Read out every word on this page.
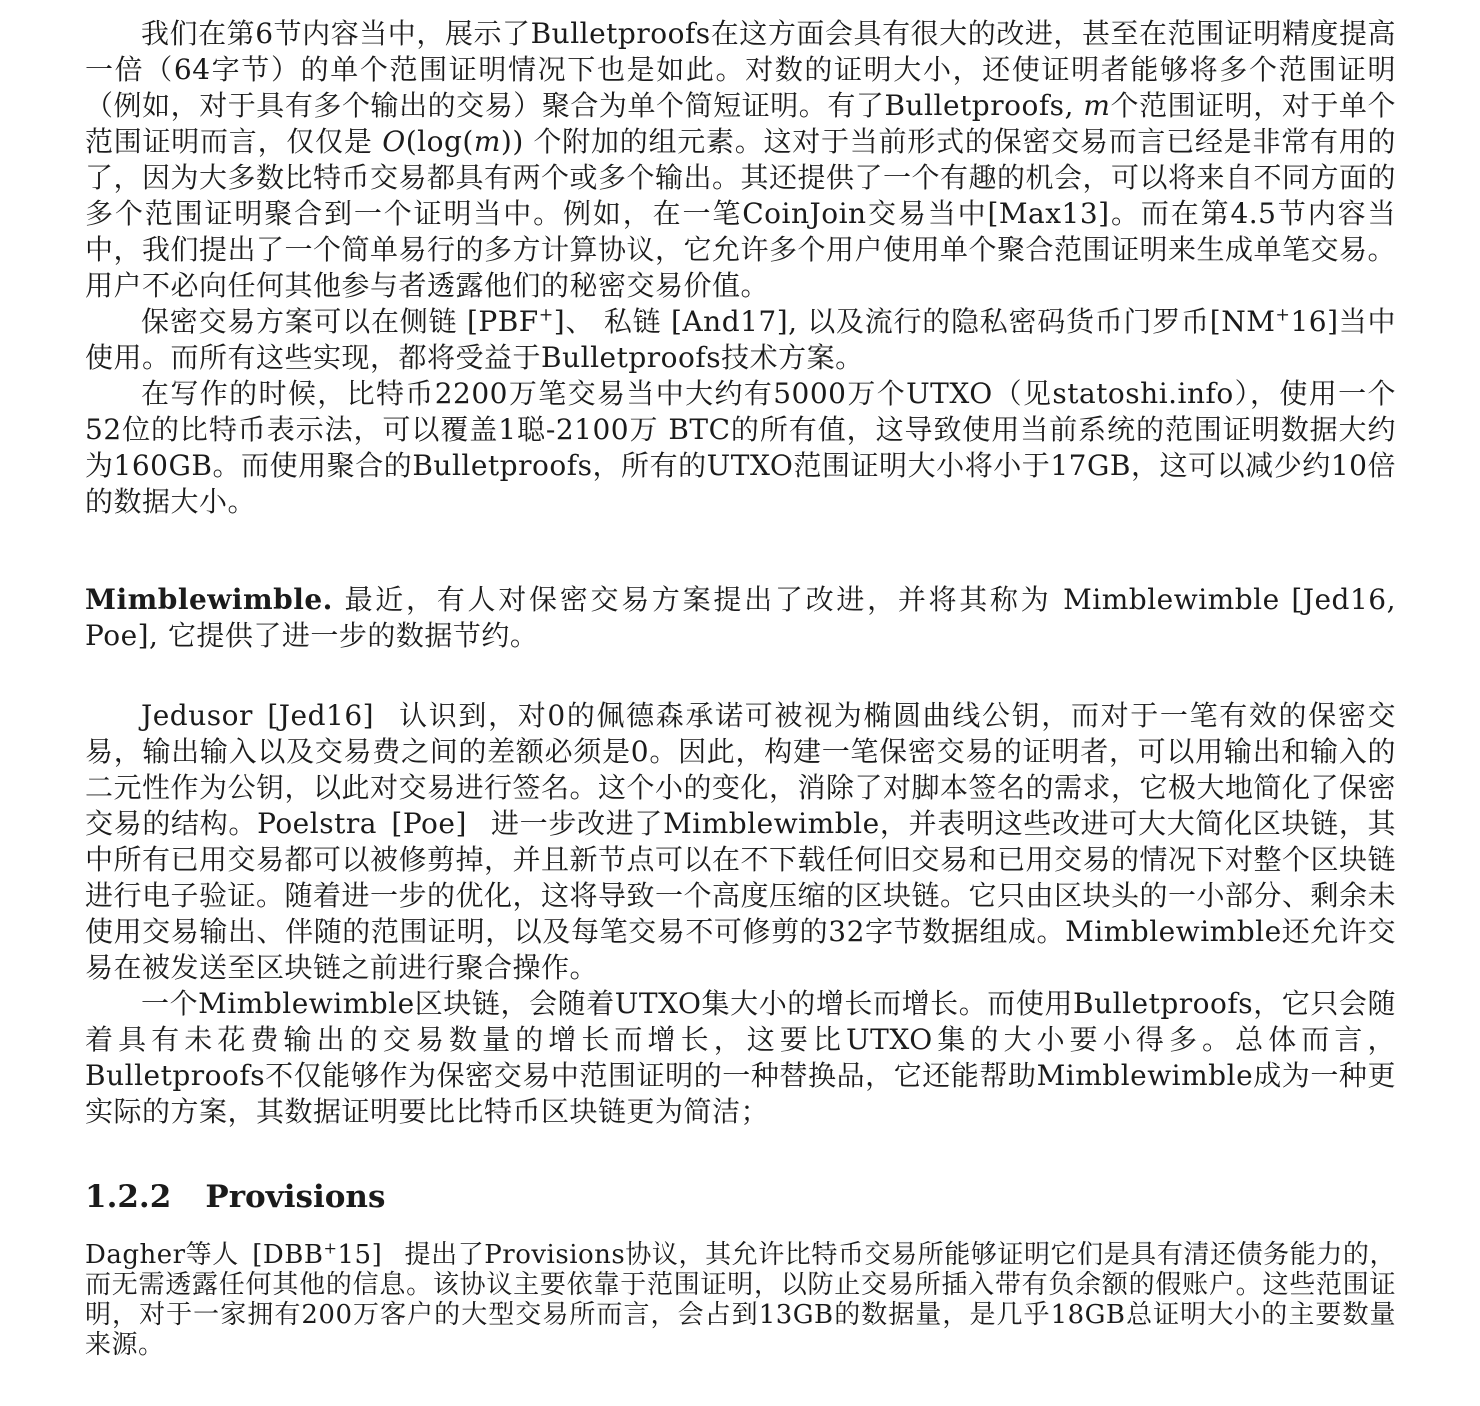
我们在第6节内容当中，展示了Bulletproofs在这方面会具有很大的改进，甚至在范围证明精度提高一倍（64字节）的单个范围证明情况下也是如此。对数的证明大小，还使证明者能够将多个范围证明（例如，对于具有多个输出的交易）聚合为单个简短证明。有了Bulletproofs, m个范围证明，对于单个范围证明而言，仅仅是 O(log(m)) 个附加的组元素。这对于当前形式的保密交易而言已经是非常有用的了，因为大多数比特币交易都具有两个或多个输出。其还提供了一个有趣的机会，可以将来自不同方面的多个范围证明聚合到一个证明当中。例如，在一笔CoinJoin交易当中[Max13]。而在第4.5节内容当中，我们提出了一个简单易行的多方计算协议，它允许多个用户使用单个聚合范围证明来生成单笔交易。用户不必向任何其他参与者透露他们的秘密交易价值。

保密交易方案可以在侧链 [PBF+]、 私链 [And17], 以及流行的隐私密码货币门罗币[NM+16]当中使用。而所有这些实现，都将受益于Bulletproofs技术方案。

在写作的时候，比特币2200万笔交易当中大约有5000万个UTXO（见statoshi.info），使用一个52位的比特币表示法，可以覆盖1聪-2100万 BTC的所有值，这导致使用当前系统的范围证明数据大约为160GB。而使用聚合的Bulletproofs，所有的UTXO范围证明大小将小于17GB，这可以减少约10倍的数据大小。

Mimblewimble. 最近，有人对保密交易方案提出了改进，并将其称为 Mimblewimble [Jed16, Poe], 它提供了进一步的数据节约。

Jedusor [Jed16]  认识到，对0的佩德森承诺可被视为椭圆曲线公钥，而对于一笔有效的保密交易，输出输入以及交易费之间的差额必须是0。因此，构建一笔保密交易的证明者，可以用输出和输入的二元性作为公钥，以此对交易进行签名。这个小的变化，消除了对脚本签名的需求，它极大地简化了保密交易的结构。Poelstra [Poe]  进一步改进了Mimblewimble，并表明这些改进可大大简化区块链，其中所有已用交易都可以被修剪掉，并且新节点可以在不下载任何旧交易和已用交易的情况下对整个区块链进行电子验证。随着进一步的优化，这将导致一个高度压缩的区块链。它只由区块头的一小部分、剩余未使用交易输出、伴随的范围证明，以及每笔交易不可修剪的32字节数据组成。Mimblewimble还允许交易在被发送至区块链之前进行聚合操作。

一个Mimblewimble区块链，会随着UTXO集大小的增长而增长。而使用Bulletproofs，它只会随着具有未花费输出的交易数量的增长而增长，这要比UTXO集的大小要小得多。总体而言，Bulletproofs不仅能够作为保密交易中范围证明的一种替换品，它还能帮助Mimblewimble成为一种更实际的方案，其数据证明要比比特币区块链更为简洁；

1.2.2 Provisions

Dagher等人 [DBB+15]  提出了Provisions协议，其允许比特币交易所能够证明它们是具有清还债务能力的，而无需透露任何其他的信息。该协议主要依靠于范围证明，以防止交易所插入带有负余额的假账户。这些范围证明，对于一家拥有200万客户的大型交易所而言，会占到13GB的数据量，是几乎18GB总证明大小的主要数量来源。
